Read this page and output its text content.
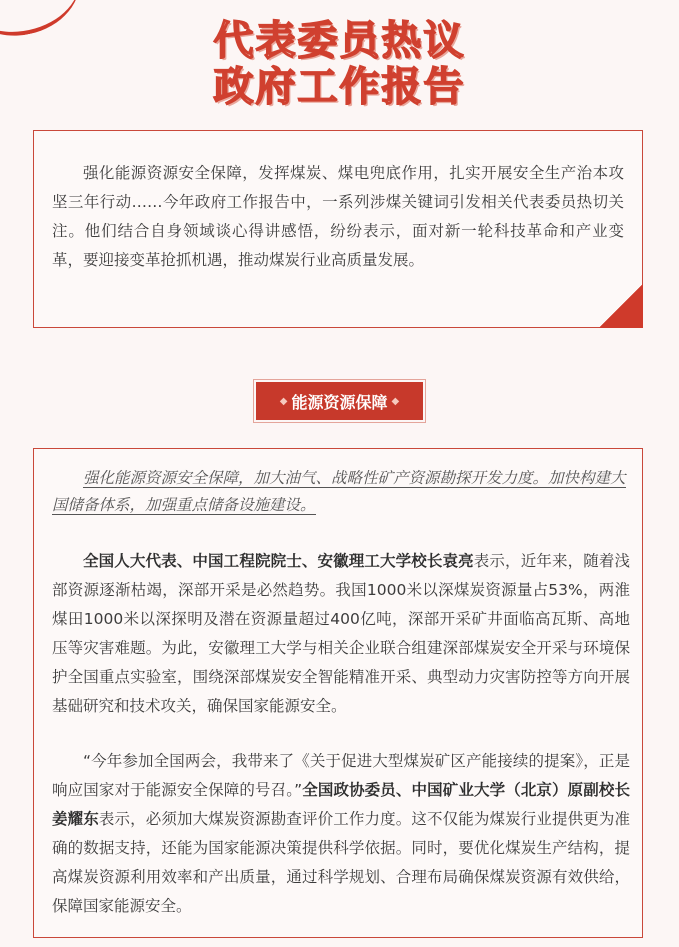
代表委员热议
政府工作报告

强化能源资源安全保障，发挥煤炭、煤电兜底作用，扎实开展安全生产治本攻坚三年行动……今年政府工作报告中，一系列涉煤关键词引发相关代表委员热切关注。他们结合自身领域谈心得讲感悟，纷纷表示，面对新一轮科技革命和产业变革，要迎接变革抢抓机遇，推动煤炭行业高质量发展。

◆ 能源资源保障 ◆

强化能源资源安全保障，加大油气、战略性矿产资源勘探开发力度。加快构建大国储备体系，加强重点储备设施建设。

全国人大代表、中国工程院院士、安徽理工大学校长袁亮表示，近年来，随着浅部资源逐渐枯竭，深部开采是必然趋势。我国1000米以深煤炭资源量占53%，两淮煤田1000米以深探明及潜在资源量超过400亿吨，深部开采矿井面临高瓦斯、高地压等灾害难题。为此，安徽理工大学与相关企业联合组建深部煤炭安全开采与环境保护全国重点实验室，围绕深部煤炭安全智能精准开采、典型动力灾害防控等方向开展基础研究和技术攻关，确保国家能源安全。

“今年参加全国两会，我带来了《关于促进大型煤炭矿区产能接续的提案》，正是响应国家对于能源安全保障的号召。”全国政协委员、中国矿业大学（北京）原副校长姜耀东表示，必须加大煤炭资源勘查评价工作力度。这不仅能为煤炭行业提供更为准确的数据支持，还能为国家能源决策提供科学依据。同时，要优化煤炭生产结构，提高煤炭资源利用效率和产出质量，通过科学规划、合理布局确保煤炭资源有效供给，保障国家能源安全。
